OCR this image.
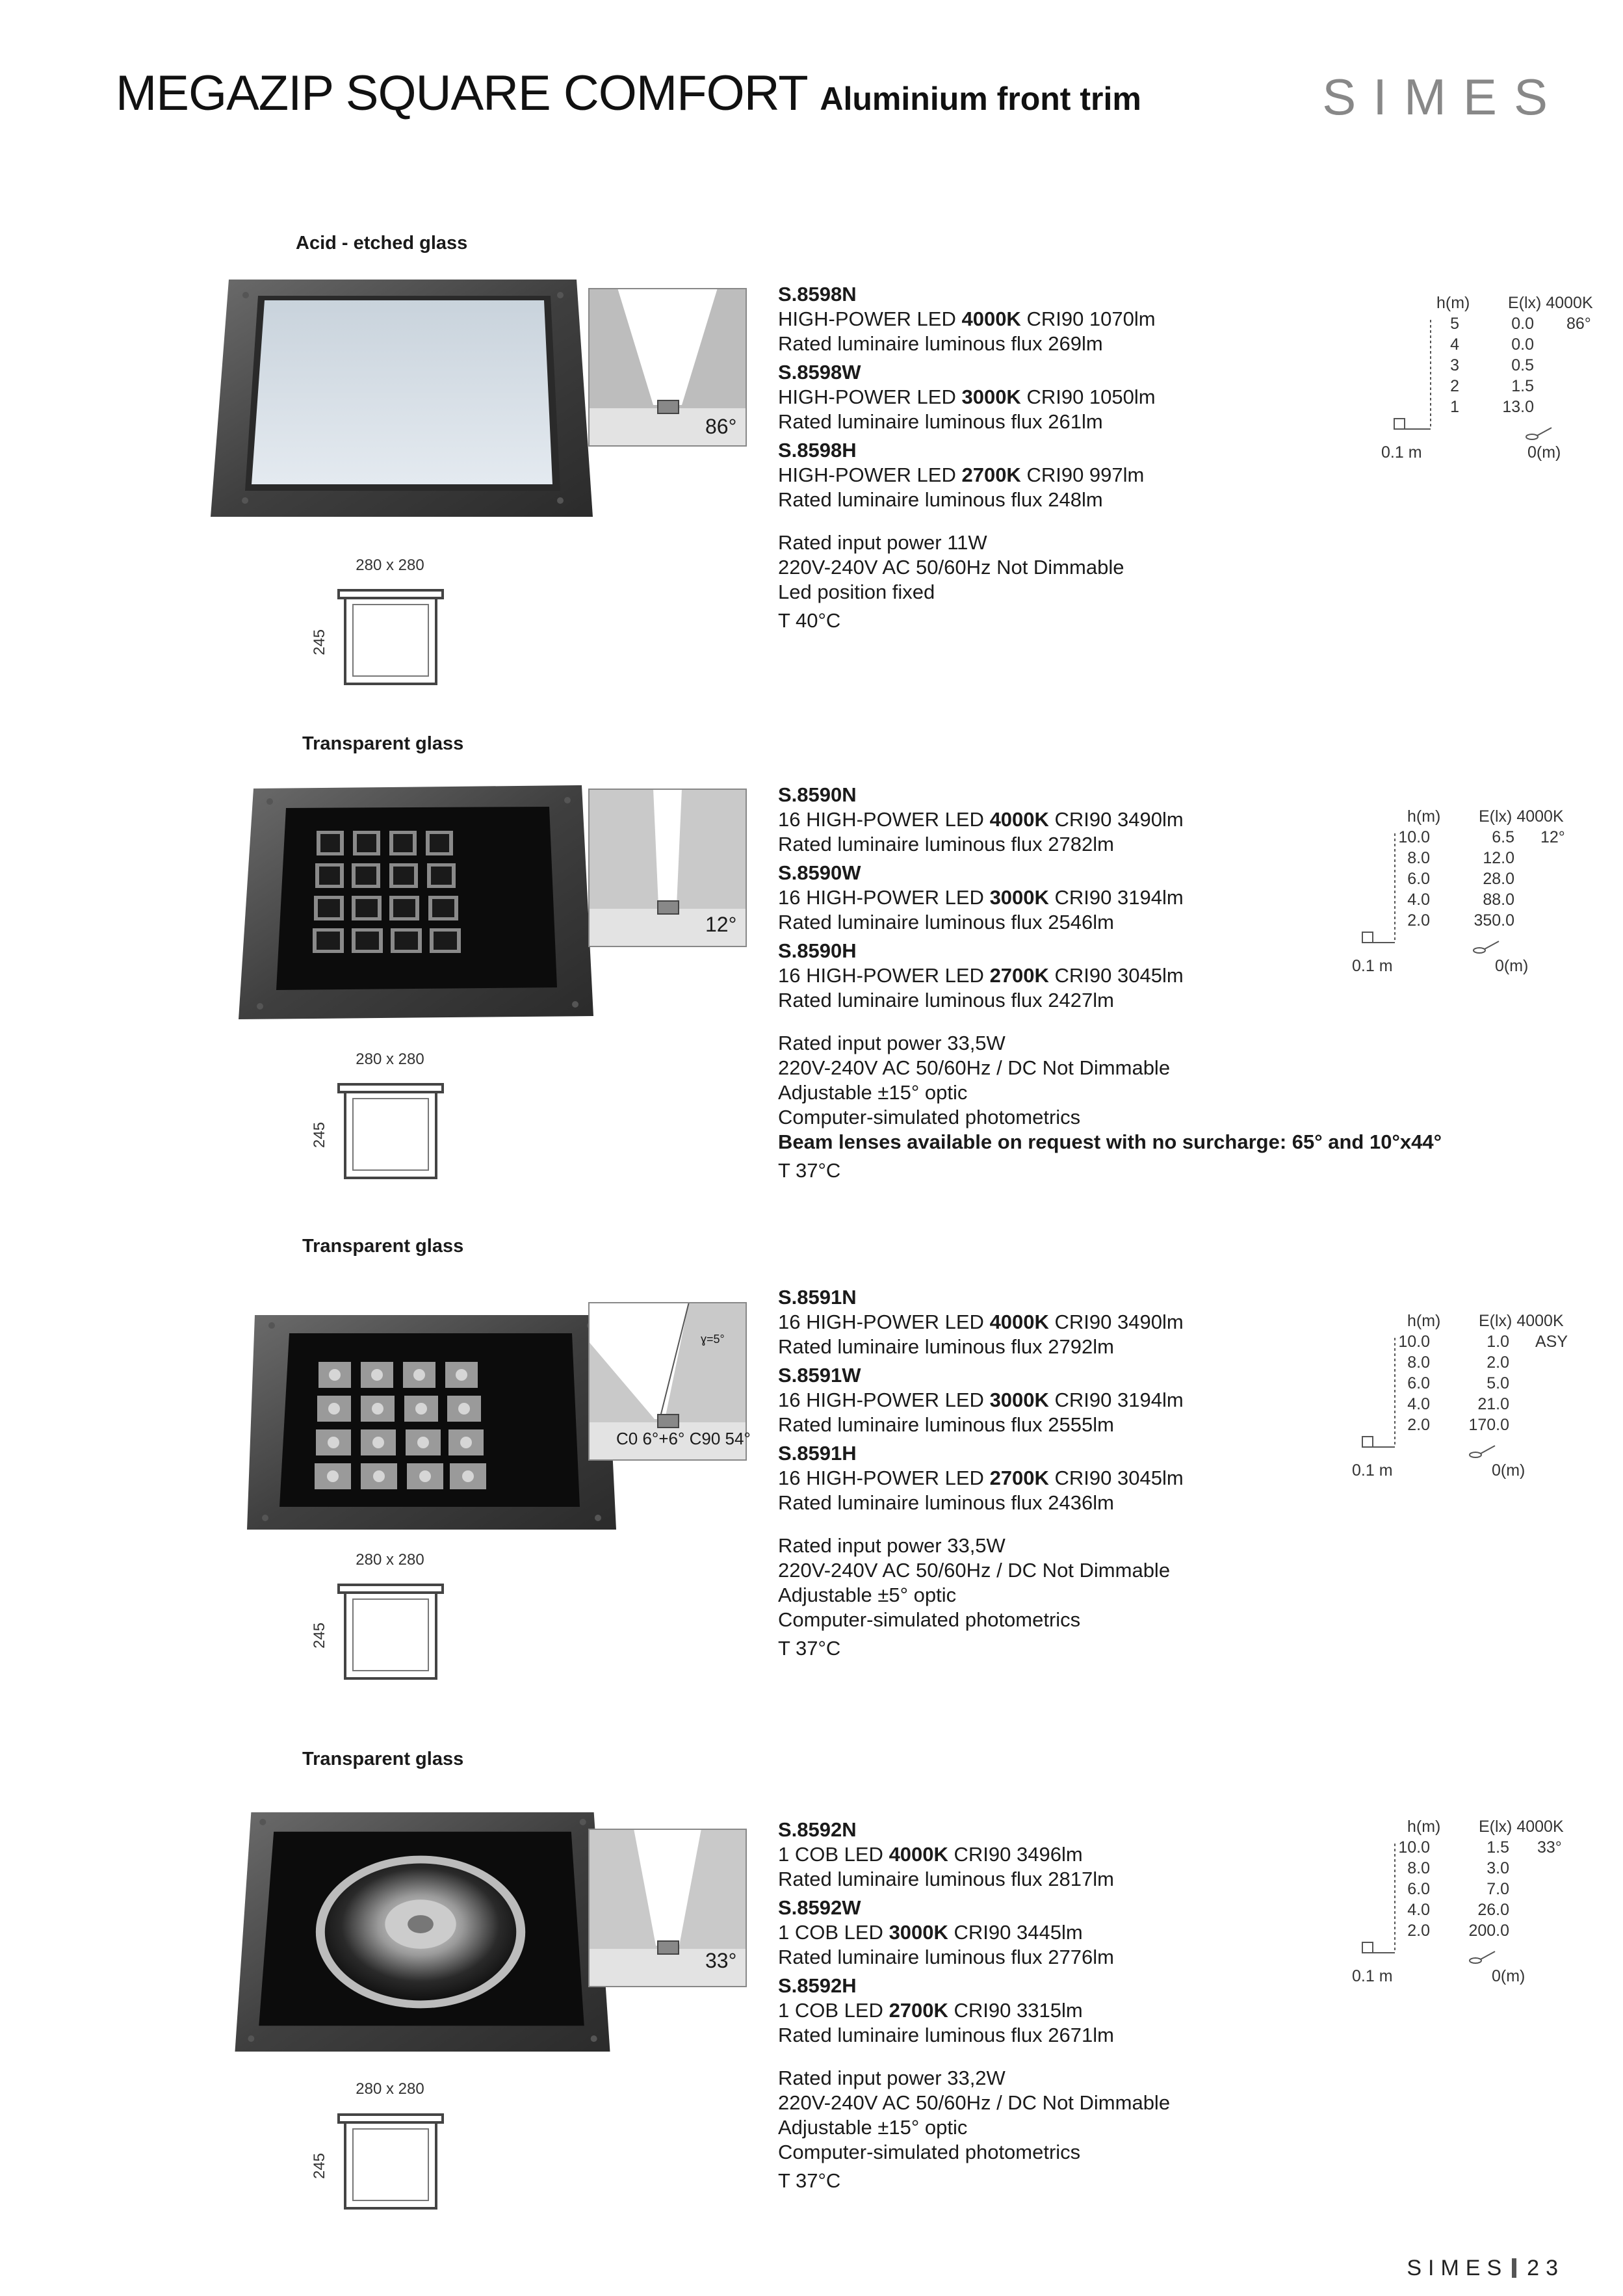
MEGAZIP SQUARE COMFORT Aluminium front trim	SIMES
Acid - etched glass
280 x 280
245
86°
S.8598N
HIGH-POWER LED 4000K CRI90 1070lm
Rated luminaire luminous flux 269lm
S.8598W
HIGH-POWER LED 3000K CRI90 1050lm
Rated luminaire luminous flux 261lm
S.8598H
HIGH-POWER LED 2700K CRI90 997lm
Rated luminaire luminous flux 248lm
Rated input power 11W
220V-240V AC 50/60Hz Not Dimmable
Led position fixed
T 40°C
h(m) E(lx) 4000K
86°
5	0.0
4	0.0
3	0.5
2	1.5
1	13.0
0.1 m	0(m)
Transparent glass
280 x 280
245
12°
S.8590N
16 HIGH-POWER LED 4000K CRI90 3490lm
Rated luminaire luminous flux 2782lm
S.8590W
16 HIGH-POWER LED 3000K CRI90 3194lm
Rated luminaire luminous flux 2546lm
S.8590H
16 HIGH-POWER LED 2700K CRI90 3045lm
Rated luminaire luminous flux 2427lm
Rated input power 33,5W
220V-240V AC 50/60Hz / DC Not Dimmable
Adjustable ±15° optic
Computer-simulated photometrics
Beam lenses available on request with no surcharge: 65° and 10°x44°
T 37°C
h(m) E(lx) 4000K
12°
10.0	6.5
8.0	12.0
6.0	28.0
4.0	88.0
2.0	350.0
0.1 m	0(m)
Transparent glass
280 x 280
245
ɣ=5°
C0 6°+6° C90 54°
S.8591N
16 HIGH-POWER LED 4000K CRI90 3490lm
Rated luminaire luminous flux 2792lm
S.8591W
16 HIGH-POWER LED 3000K CRI90 3194lm
Rated luminaire luminous flux 2555lm
S.8591H
16 HIGH-POWER LED 2700K CRI90 3045lm
Rated luminaire luminous flux 2436lm
Rated input power 33,5W
220V-240V AC 50/60Hz / DC Not Dimmable
Adjustable ±5° optic
Computer-simulated photometrics
T 37°C
h(m) E(lx) 4000K
ASY
10.0	1.0
8.0	2.0
6.0	5.0
4.0	21.0
2.0 170.0
0.1 m	0(m)
Transparent glass
280 x 280
245
33°
S.8592N
1 COB LED 4000K CRI90 3496lm
Rated luminaire luminous flux 2817lm
S.8592W
1 COB LED 3000K CRI90 3445lm
Rated luminaire luminous flux 2776lm
S.8592H
1 COB LED 2700K CRI90 3315lm
Rated luminaire luminous flux 2671lm
Rated input power 33,2W
220V-240V AC 50/60Hz / DC Not Dimmable
Adjustable ±15° optic
Computer-simulated photometrics
T 37°C
h(m) E(lx) 4000K
33°
10.0	1.5
8.0	3.0
6.0	7.0
4.0	26.0
2.0 200.0
0.1 m	0(m)
SIMES 23
